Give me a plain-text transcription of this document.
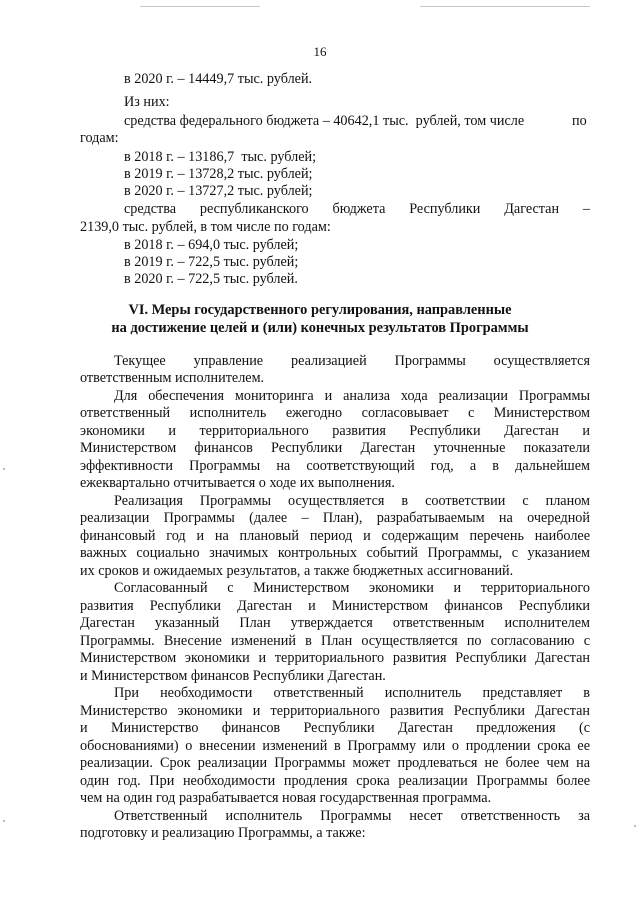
16
в 2020 г. – 14449,7 тыс. рублей.
Из них:
средства федерального бюджета – 40642,1 тыс.  рублей, том числе	по
годам:
в 2018 г. – 13186,7  тыс. рублей;
в 2019 г. – 13728,2 тыс. рублей;
в 2020 г. – 13727,2 тыс. рублей;
средства республиканского бюджета Республики Дагестан –
2139,0 тыс. рублей, в том числе по годам:
в 2018 г. – 694,0 тыс. рублей;
в 2019 г. – 722,5 тыс. рублей;
в 2020 г. – 722,5 тыс. рублей.
VI. Меры государственного регулирования, направленные
на достижение целей и (или) конечных результатов Программы
Текущее управление реализацией Программы осуществляется
ответственным исполнителем.
Для обеспечения мониторинга и анализа хода реализации Программы
ответственный исполнитель ежегодно согласовывает с Министерством
экономики и территориального развития Республики Дагестан и
Министерством финансов Республики Дагестан уточненные показатели
эффективности Программы на соответствующий год, а в дальнейшем
ежеквартально отчитывается о ходе их выполнения.
Реализация Программы осуществляется в соответствии с планом
реализации Программы (далее – План), разрабатываемым на очередной
финансовый год и на плановый период и содержащим перечень наиболее
важных социально значимых контрольных событий Программы, с указанием
их сроков и ожидаемых результатов, а также бюджетных ассигнований.
Согласованный с Министерством экономики и территориального
развития Республики Дагестан и Министерством финансов Республики
Дагестан указанный План утверждается ответственным исполнителем
Программы. Внесение изменений в План осуществляется по согласованию с
Министерством экономики и территориального развития Республики Дагестан
и Министерством финансов Республики Дагестан.
При необходимости ответственный исполнитель представляет в
Министерство экономики и территориального развития Республики Дагестан
и Министерство финансов Республики Дагестан предложения (с
обоснованиями) о внесении изменений в Программу или о продлении срока ее
реализации. Срок реализации Программы может продлеваться не более чем на
один год. При необходимости продления срока реализации Программы более
чем на один год разрабатывается новая государственная программа.
Ответственный исполнитель Программы несет ответственность за
подготовку и реализацию Программы, а также:
